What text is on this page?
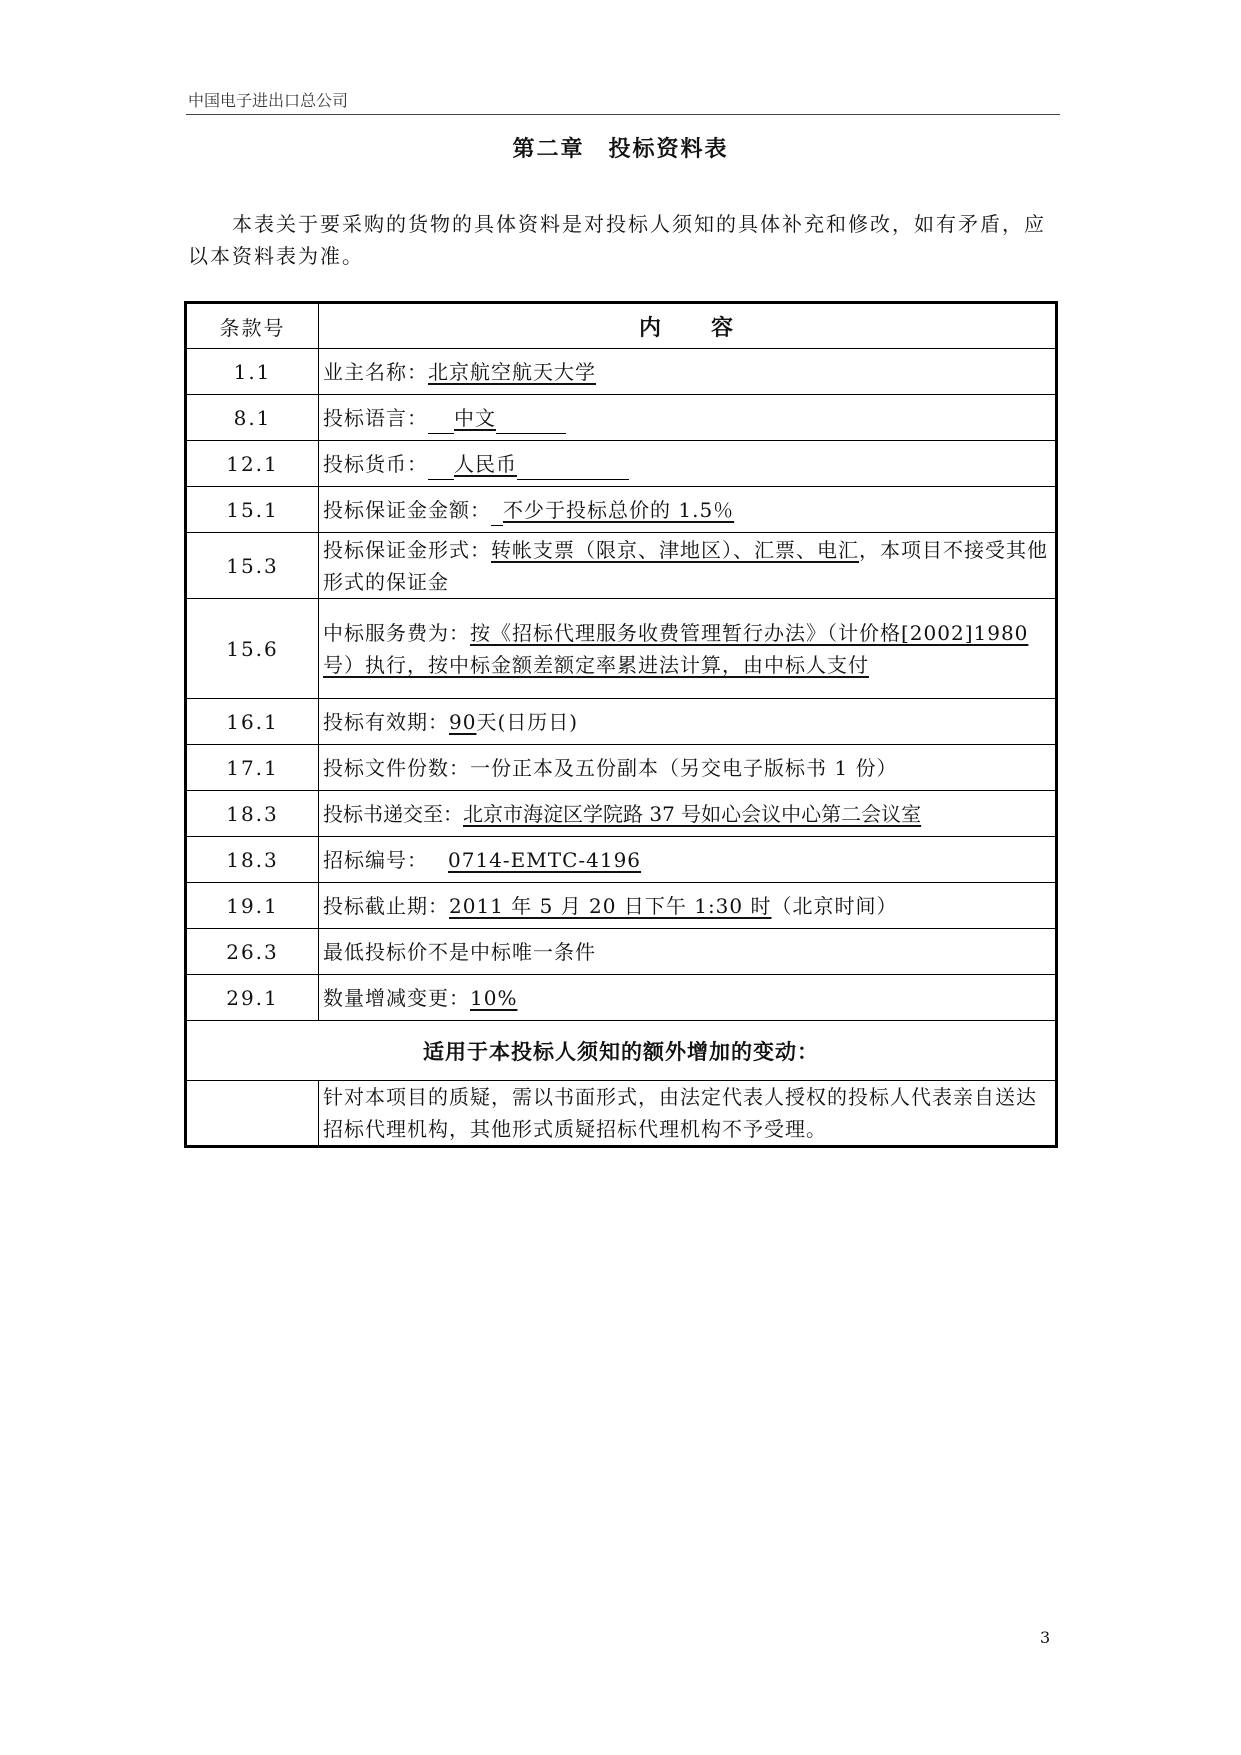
中国电子进出口总公司
第二章　投标资料表
本表关于要采购的货物的具体资料是对投标人须知的具体补充和修改，如有矛盾，应以本资料表为准。
条款号	内　　容
1.1	业主名称：北京航空航天大学
8.1	投标语言： 中文
12.1	投标货币： 人民币
15.1	投标保证金金额： 不少于投标总价的 1.5％
15.3	投标保证金形式：转帐支票（限京、津地区）、汇票、电汇，本项目不接受其他形式的保证金
15.6	中标服务费为：按《招标代理服务收费管理暂行办法》（计价格[2002]1980 号）执行，按中标金额差额定率累进法计算，由中标人支付
16.1	投标有效期：90天(日历日)
17.1	投标文件份数：一份正本及五份副本（另交电子版标书 1 份）
18.3	投标书递交至：北京市海淀区学院路 37 号如心会议中心第二会议室
18.3	招标编号： 0714-EMTC-4196
19.1	投标截止期：2011 年 5 月 20 日下午 1:30 时（北京时间）
26.3	最低投标价不是中标唯一条件
29.1	数量增减变更：10%
适用于本投标人须知的额外增加的变动：	
	针对本项目的质疑，需以书面形式，由法定代表人授权的投标人代表亲自送达招标代理机构，其他形式质疑招标代理机构不予受理。
3
